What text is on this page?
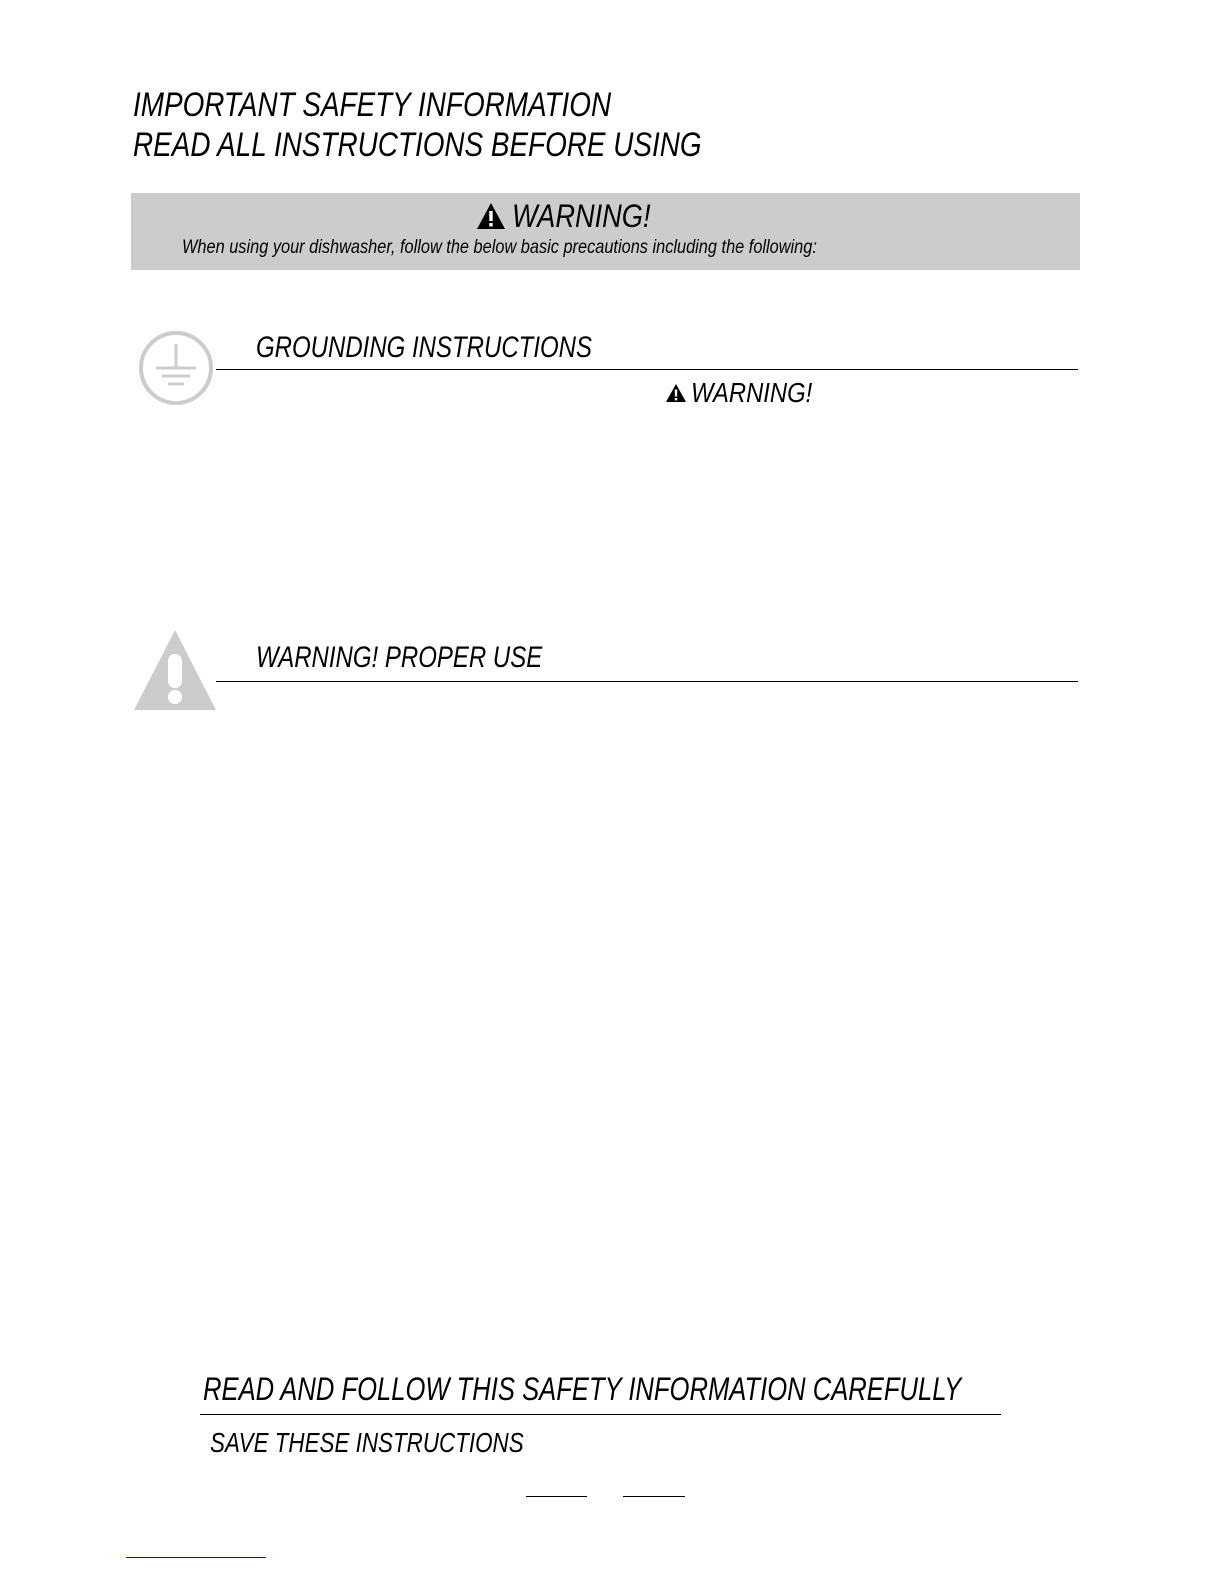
IMPORTANT SAFETY INFORMATION
READ ALL INSTRUCTIONS BEFORE USING
WARNING!
When using your dishwasher, follow the below basic precautions including the following:
GROUNDING INSTRUCTIONS
WARNING!
WARNING! PROPER USE
READ AND FOLLOW THIS SAFETY INFORMATION CAREFULLY
SAVE THESE INSTRUCTIONS
